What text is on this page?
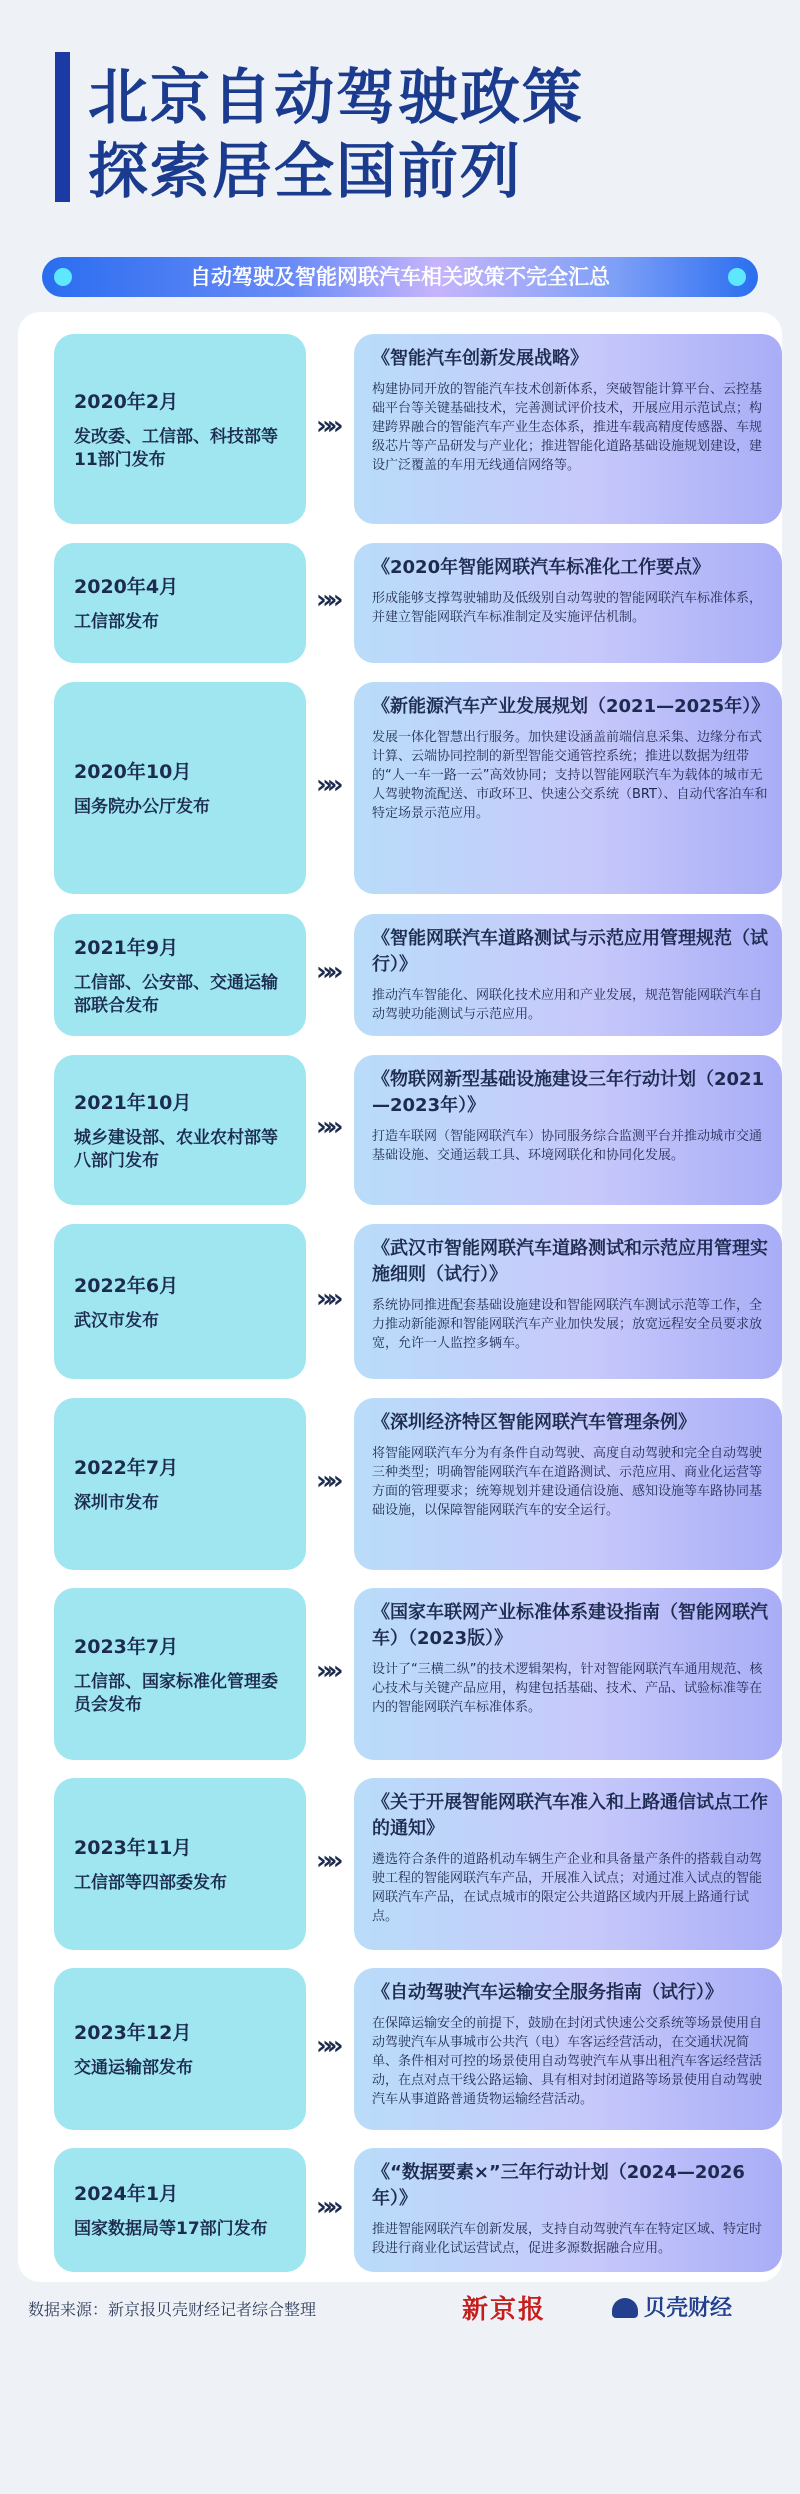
北京自动驾驶政策
探索居全国前列
自动驾驶及智能网联汽车相关政策不完全汇总
2020年2月
发改委、工信部、科技部等11部门发布
»»
《智能汽车创新发展战略》
构建协同开放的智能汽车技术创新体系，突破智能计算平台、云控基础平台等关键基础技术，完善测试评价技术，开展应用示范试点；构建跨界融合的智能汽车产业生态体系，推进车载高精度传感器、车规级芯片等产品研发与产业化；推进智能化道路基础设施规划建设，建设广泛覆盖的车用无线通信网络等。
2020年4月
工信部发布
»»
《2020年智能网联汽车标准化工作要点》
形成能够支撑驾驶辅助及低级别自动驾驶的智能网联汽车标准体系，并建立智能网联汽车标准制定及实施评估机制。
2020年10月
国务院办公厅发布
»»
《新能源汽车产业发展规划（2021—2025年）》
发展一体化智慧出行服务。加快建设涵盖前端信息采集、边缘分布式计算、云端协同控制的新型智能交通管控系统；推进以数据为纽带的“人一车一路一云”高效协同；支持以智能网联汽车为载体的城市无人驾驶物流配送、市政环卫、快速公交系统（BRT）、自动代客泊车和特定场景示范应用。
2021年9月
工信部、公安部、交通运输部联合发布
»»
《智能网联汽车道路测试与示范应用管理规范（试行）》
推动汽车智能化、网联化技术应用和产业发展，规范智能网联汽车自动驾驶功能测试与示范应用。
2021年10月
城乡建设部、农业农村部等八部门发布
»»
《物联网新型基础设施建设三年行动计划（2021—2023年）》
打造车联网（智能网联汽车）协同服务综合监测平台并推动城市交通基础设施、交通运载工具、环境网联化和协同化发展。
2022年6月
武汉市发布
»»
《武汉市智能网联汽车道路测试和示范应用管理实施细则（试行）》
系统协同推进配套基础设施建设和智能网联汽车测试示范等工作，全力推动新能源和智能网联汽车产业加快发展；放宽远程安全员要求放宽，允许一人监控多辆车。
2022年7月
深圳市发布
»»
《深圳经济特区智能网联汽车管理条例》
将智能网联汽车分为有条件自动驾驶、高度自动驾驶和完全自动驾驶三种类型；明确智能网联汽车在道路测试、示范应用、商业化运营等方面的管理要求；统筹规划并建设通信设施、感知设施等车路协同基础设施，以保障智能网联汽车的安全运行。
2023年7月
工信部、国家标准化管理委员会发布
»»
《国家车联网产业标准体系建设指南（智能网联汽车）（2023版）》
设计了“三横二纵”的技术逻辑架构，针对智能网联汽车通用规范、核心技术与关键产品应用，构建包括基础、技术、产品、试验标准等在内的智能网联汽车标准体系。
2023年11月
工信部等四部委发布
»»
《关于开展智能网联汽车准入和上路通信试点工作的通知》
遴选符合条件的道路机动车辆生产企业和具备量产条件的搭载自动驾驶工程的智能网联汽车产品，开展准入试点；对通过准入试点的智能网联汽车产品，在试点城市的限定公共道路区域内开展上路通行试点。
2023年12月
交通运输部发布
»»
《自动驾驶汽车运输安全服务指南（试行）》
在保障运输安全的前提下，鼓励在封闭式快速公交系统等场景使用自动驾驶汽车从事城市公共汽（电）车客运经营活动，在交通状况简单、条件相对可控的场景使用自动驾驶汽车从事出租汽车客运经营活动，在点对点干线公路运输、具有相对封闭道路等场景使用自动驾驶汽车从事道路普通货物运输经营活动。
2024年1月
国家数据局等17部门发布
»»
《“数据要素×”三年行动计划（2024—2026年）》
推进智能网联汽车创新发展，支持自动驾驶汽车在特定区域、特定时段进行商业化试运营试点，促进多源数据融合应用。
数据来源：新京报贝壳财经记者综合整理	新京报	贝壳财经
